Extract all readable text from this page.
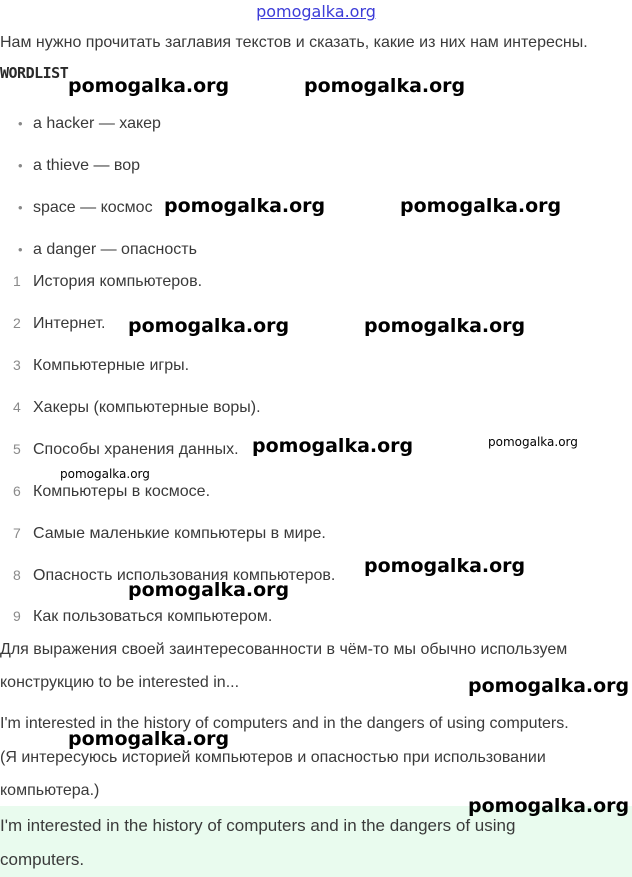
pomogalka.org
Нам нужно прочитать заглавия текстов и сказать, какие из них нам интересны.
WORDLIST
• a hacker — хакер
• a thieve — вор
• space — космос
• a danger — опасность
1 История компьютеров.
2 Интернет.
3 Компьютерные игры.
4 Хакеры (компьютерные воры).
5 Способы хранения данных.
6 Компьютеры в космосе.
7 Самые маленькие компьютеры в мире.
8 Опасность использования компьютеров.
9 Как пользоваться компьютером.
Для выражения своей заинтересованности в чём-то мы обычно используем
конструкцию to be interested in...
I'm interested in the history of computers and in the dangers of using computers.
(Я интересуюсь историей компьютеров и опасностью при использовании
компьютера.)
I'm interested in the history of computers and in the dangers of using
computers.
pomogalka.org	pomogalka.org
pomogalka.org	pomogalka.org
pomogalka.org	pomogalka.org
pomogalka.org	pomogalka.org
pomogalka.org
pomogalka.org
pomogalka.org
pomogalka.org
pomogalka.org
pomogalka.org
